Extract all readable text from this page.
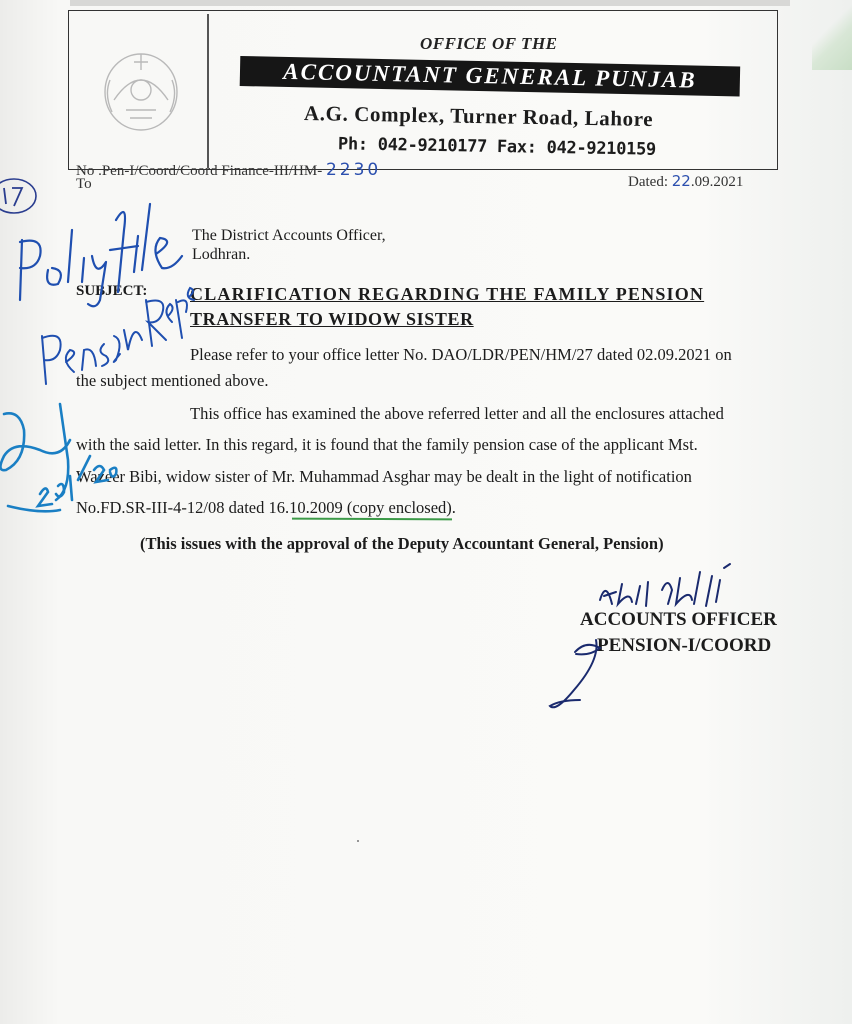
OFFICE OF THE
ACCOUNTANT GENERAL PUNJAB
A.G. Complex, Turner Road, Lahore
Ph: 042-9210177 Fax: 042-9210159
No .Pen-I/Coord/Coord Finance-III/HM- 2230
To	Dated: 22.09.2021
The District Accounts Officer,
Lodhran.
SUBJECT: CLARIFICATION REGARDING THE FAMILY PENSION
TRANSFER TO WIDOW SISTER
Please refer to your office letter No. DAO/LDR/PEN/HM/27 dated 02.09.2021 on
the subject mentioned above.
This office has examined the above referred letter and all the enclosures attached
with the said letter. In this regard, it is found that the family pension case of the applicant Mst.
Wazeer Bibi, widow sister of Mr. Muhammad Asghar may be dealt in the light of notification
No.FD.SR-III-4-12/08 dated 16.10.2009 (copy enclosed).
(This issues with the approval of the Deputy Accountant General, Pension)
ACCOUNTS OFFICER
PENSION-I/COORD
